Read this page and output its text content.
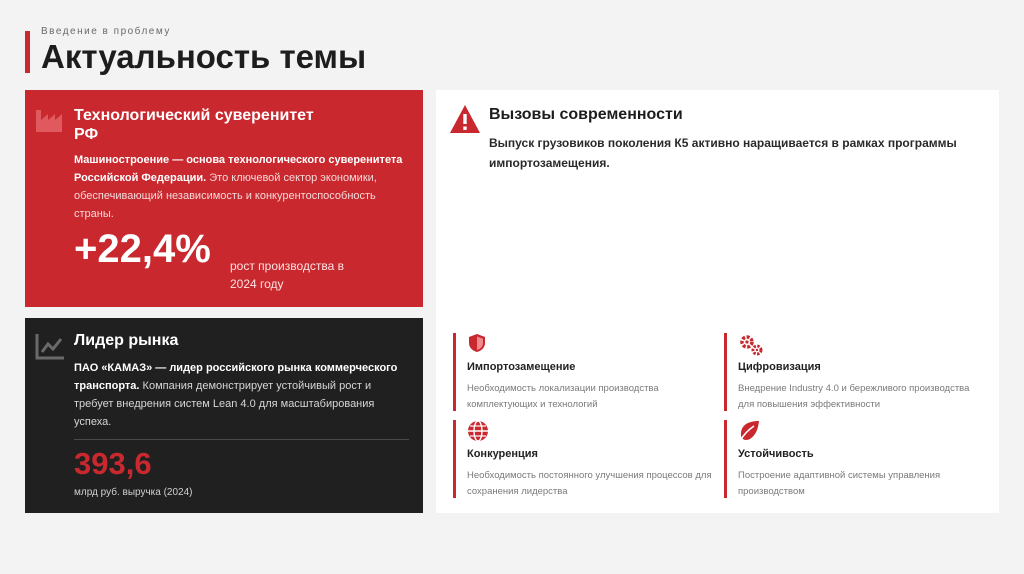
Введение в проблему
Актуальность темы
Технологический суверенитет РФ
Машиностроение — основа технологического суверенитета Российской Федерации. Это ключевой сектор экономики, обеспечивающий независимость и конкурентоспособность страны.
+22,4% рост производства в 2024 году
Лидер рынка
ПАО «КАМАЗ» — лидер российского рынка коммерческого транспорта. Компания демонстрирует устойчивый рост и требует внедрения систем Lean 4.0 для масштабирования успеха.
393,6
млрд руб. выручка (2024)
Вызовы современности
Выпуск грузовиков поколения К5 активно наращивается в рамках программы импортозамещения.
Импортозамещение
Необходимость локализации производства комплектующих и технологий
Цифровизация
Внедрение Industry 4.0 и бережливого производства для повышения эффективности
Конкуренция
Необходимость постоянного улучшения процессов для сохранения лидерства
Устойчивость
Построение адаптивной системы управления производством
